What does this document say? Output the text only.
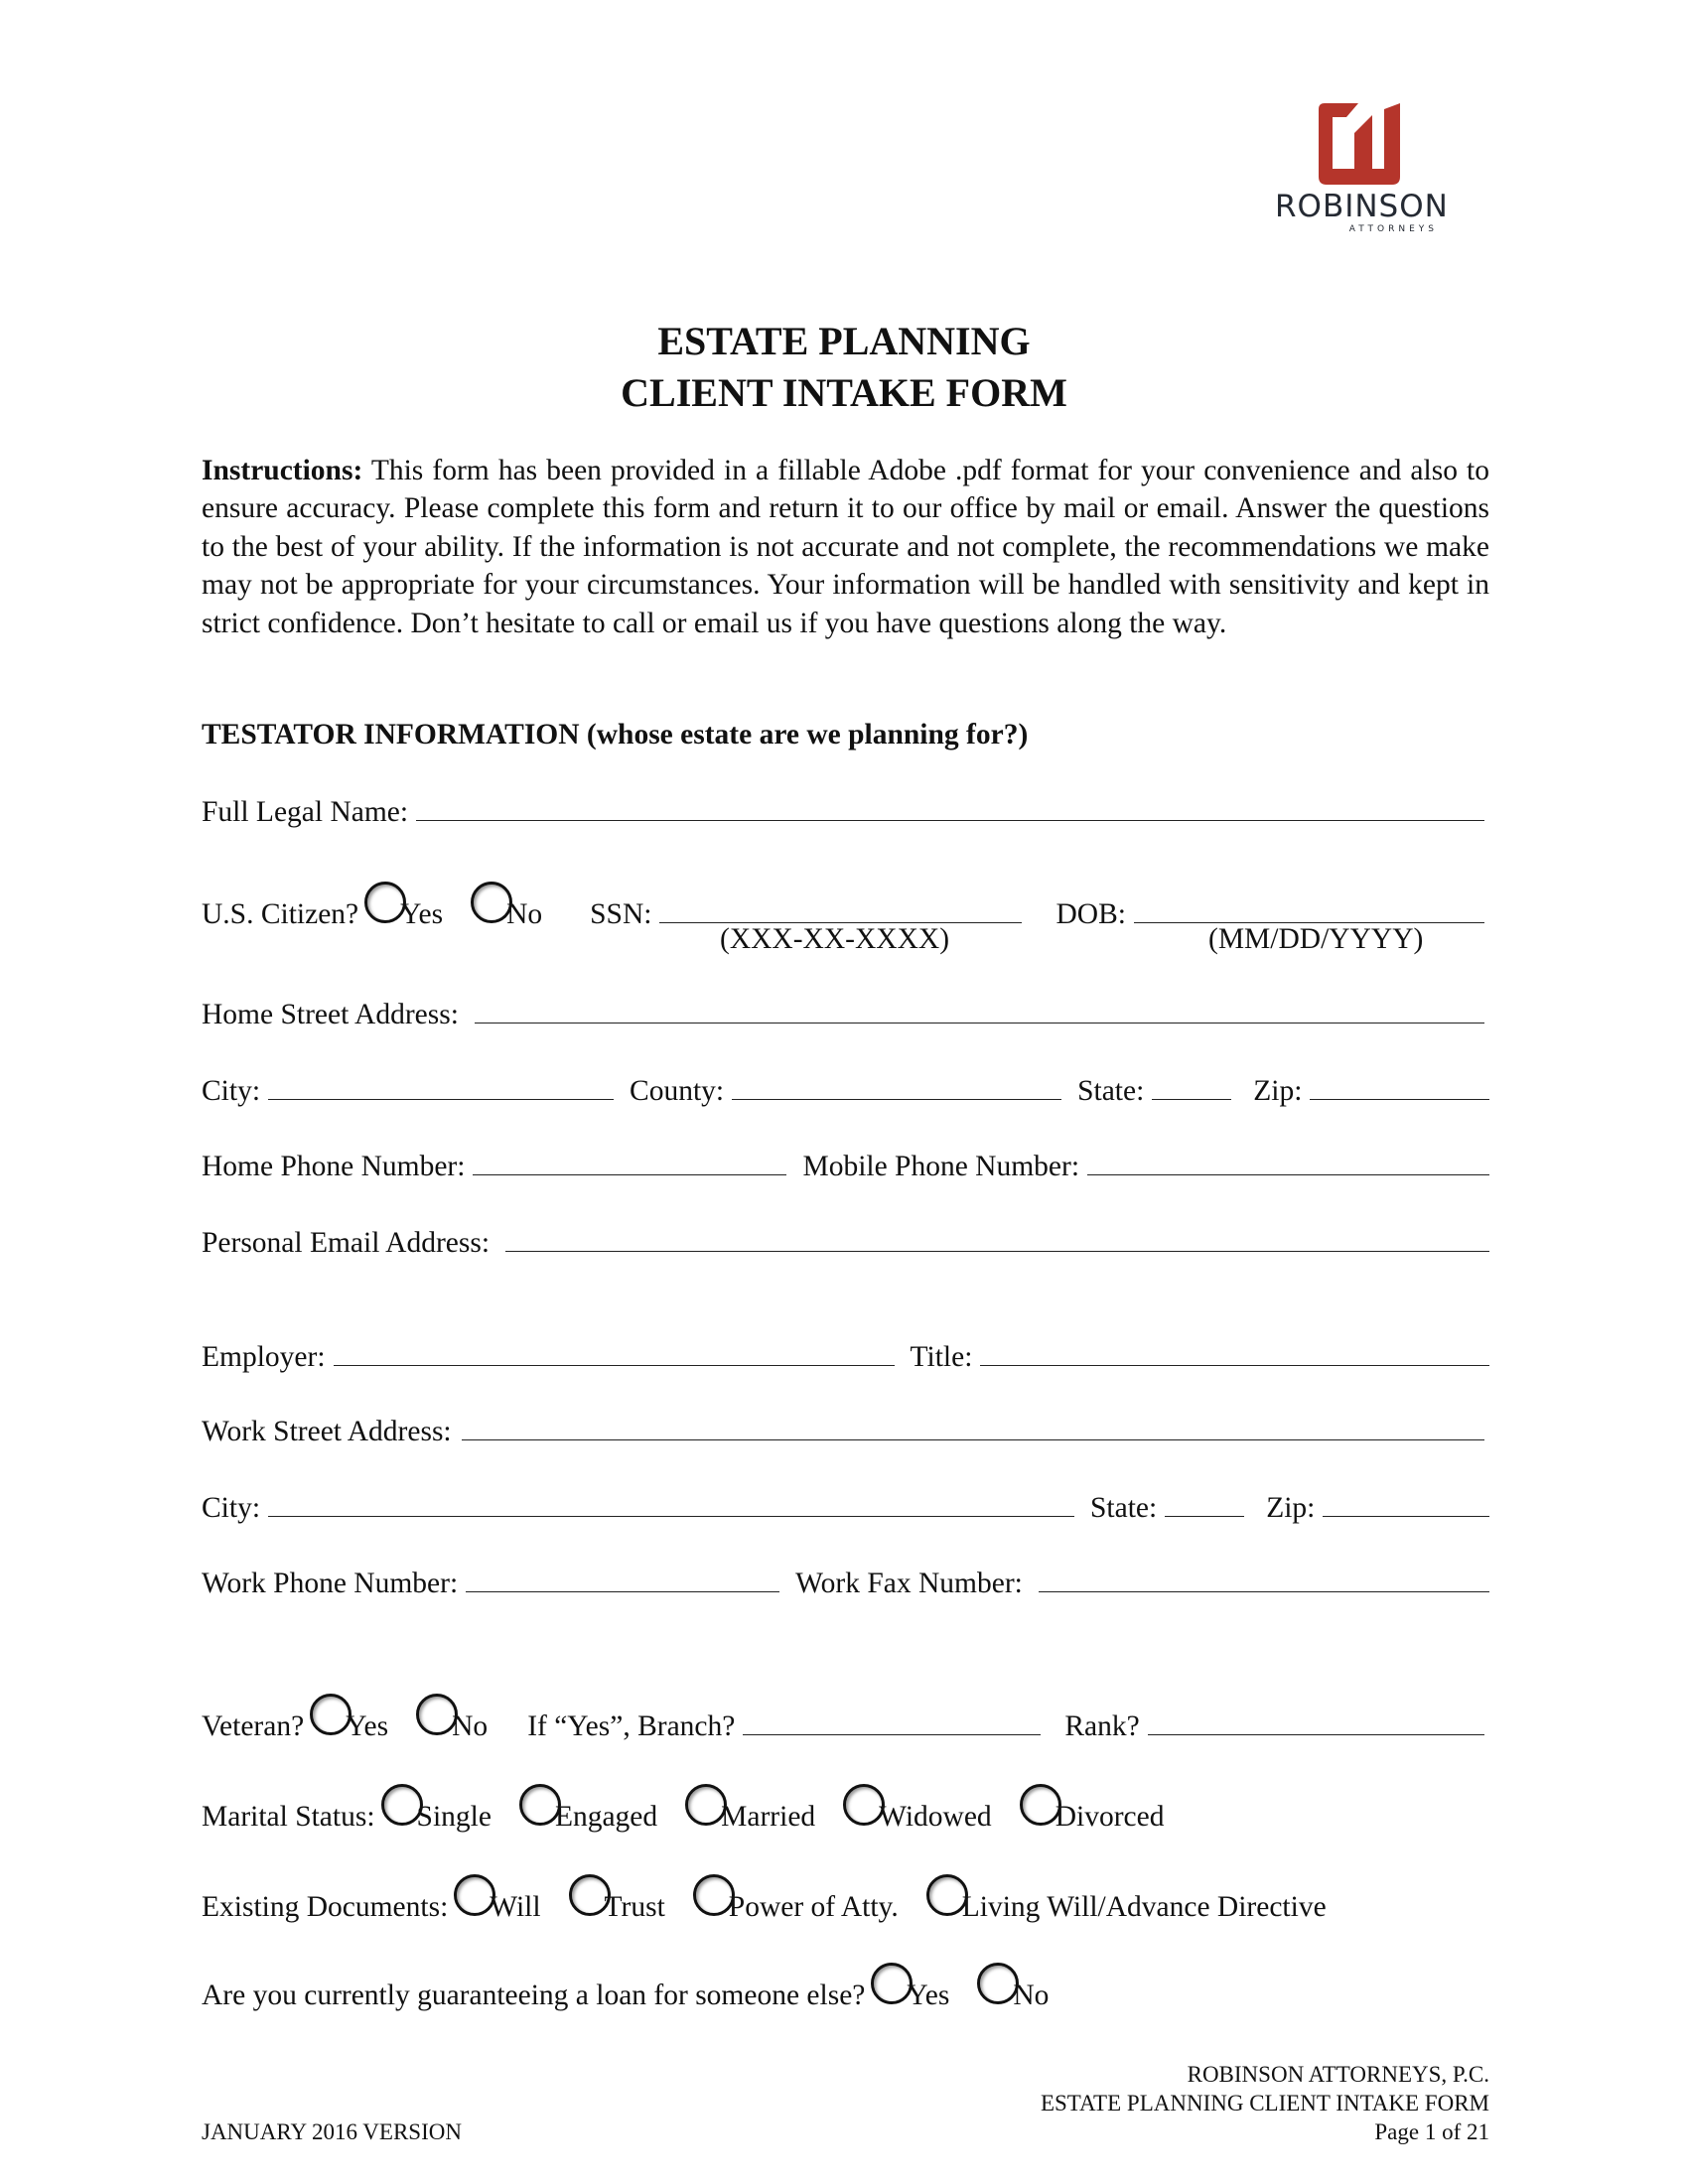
ROBINSON
ATTORNEYS
ESTATE PLANNING
CLIENT INTAKE FORM
Instructions: This form has been provided in a fillable Adobe .pdf format for your convenience and also to ensure accuracy. Please complete this form and return it to our office by mail or email. Answer the questions to the best of your ability. If the information is not accurate and not complete, the recommendations we make may not be appropriate for your circumstances. Your information will be handled with sensitivity and kept in strict confidence. Don’t hesitate to call or email us if you have questions along the way.
TESTATOR INFORMATION (whose estate are we planning for?)
Full Legal Name:
U.S. Citizen? Yes No SSN:	DOB:
(XXX-XX-XXXX)	(MM/DD/YYYY)
Home Street Address:
City:	County:	State:	Zip:
Home Phone Number:	Mobile Phone Number:
Personal Email Address:
Employer:	Title:
Work Street Address:
City:	State:	Zip:
Work Phone Number:	Work Fax Number:
Veteran? Yes No If “Yes”, Branch?	Rank?
Marital Status: Single Engaged Married Widowed Divorced
Existing Documents: Will Trust Power of Atty. Living Will/Advance Directive
Are you currently guaranteeing a loan for someone else? Yes No
ROBINSON ATTORNEYS, P.C.
ESTATE PLANNING CLIENT INTAKE FORM
Page 1 of 21
JANUARY 2016 VERSION
